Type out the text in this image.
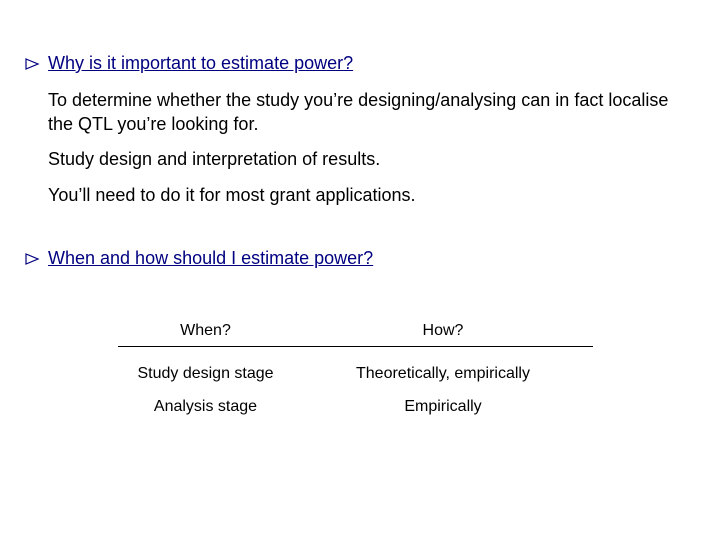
Why is it important to estimate power?
To determine whether the study you’re designing/analysing can in fact localise the QTL you’re looking for.
Study design and interpretation of results.
You’ll need to do it for most grant applications.
When and how should I estimate power?
When?	How?
Study design stage	Theoretically, empirically
Analysis stage	Empirically
